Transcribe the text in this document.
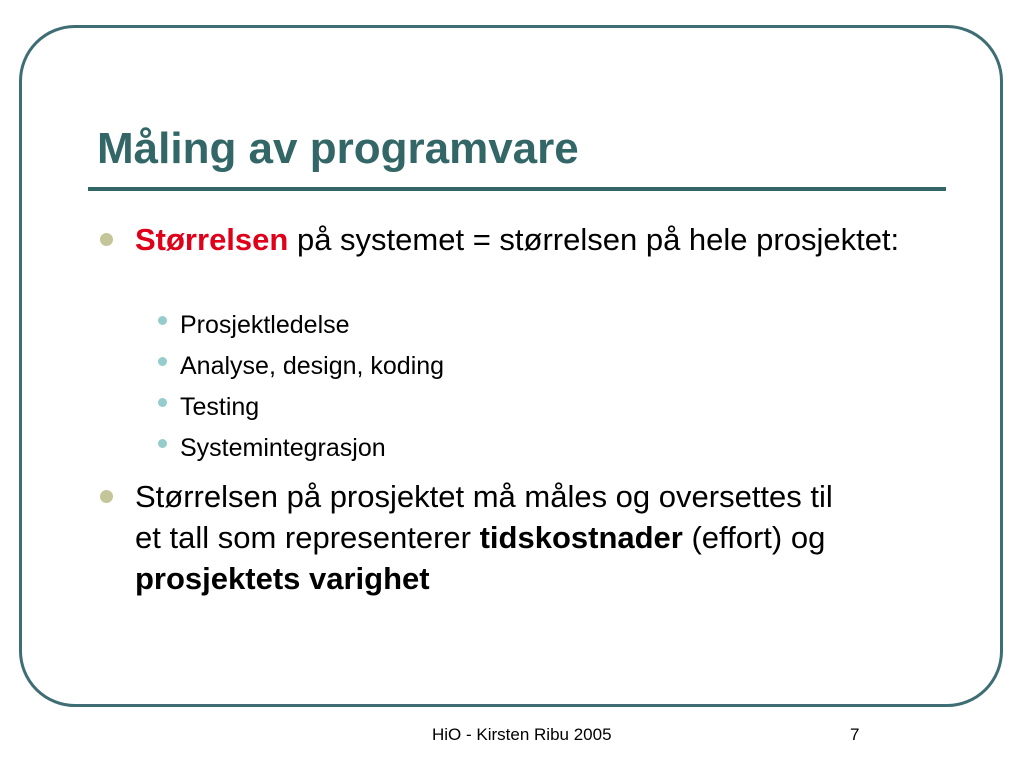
Måling av programvare
Størrelsen på systemet = størrelsen på hele prosjektet:
Prosjektledelse
Analyse, design, koding
Testing
Systemintegrasjon
Størrelsen på prosjektet må måles og oversettes til et tall som representerer tidskostnader (effort) og prosjektets varighet
HiO - Kirsten Ribu 2005	7
